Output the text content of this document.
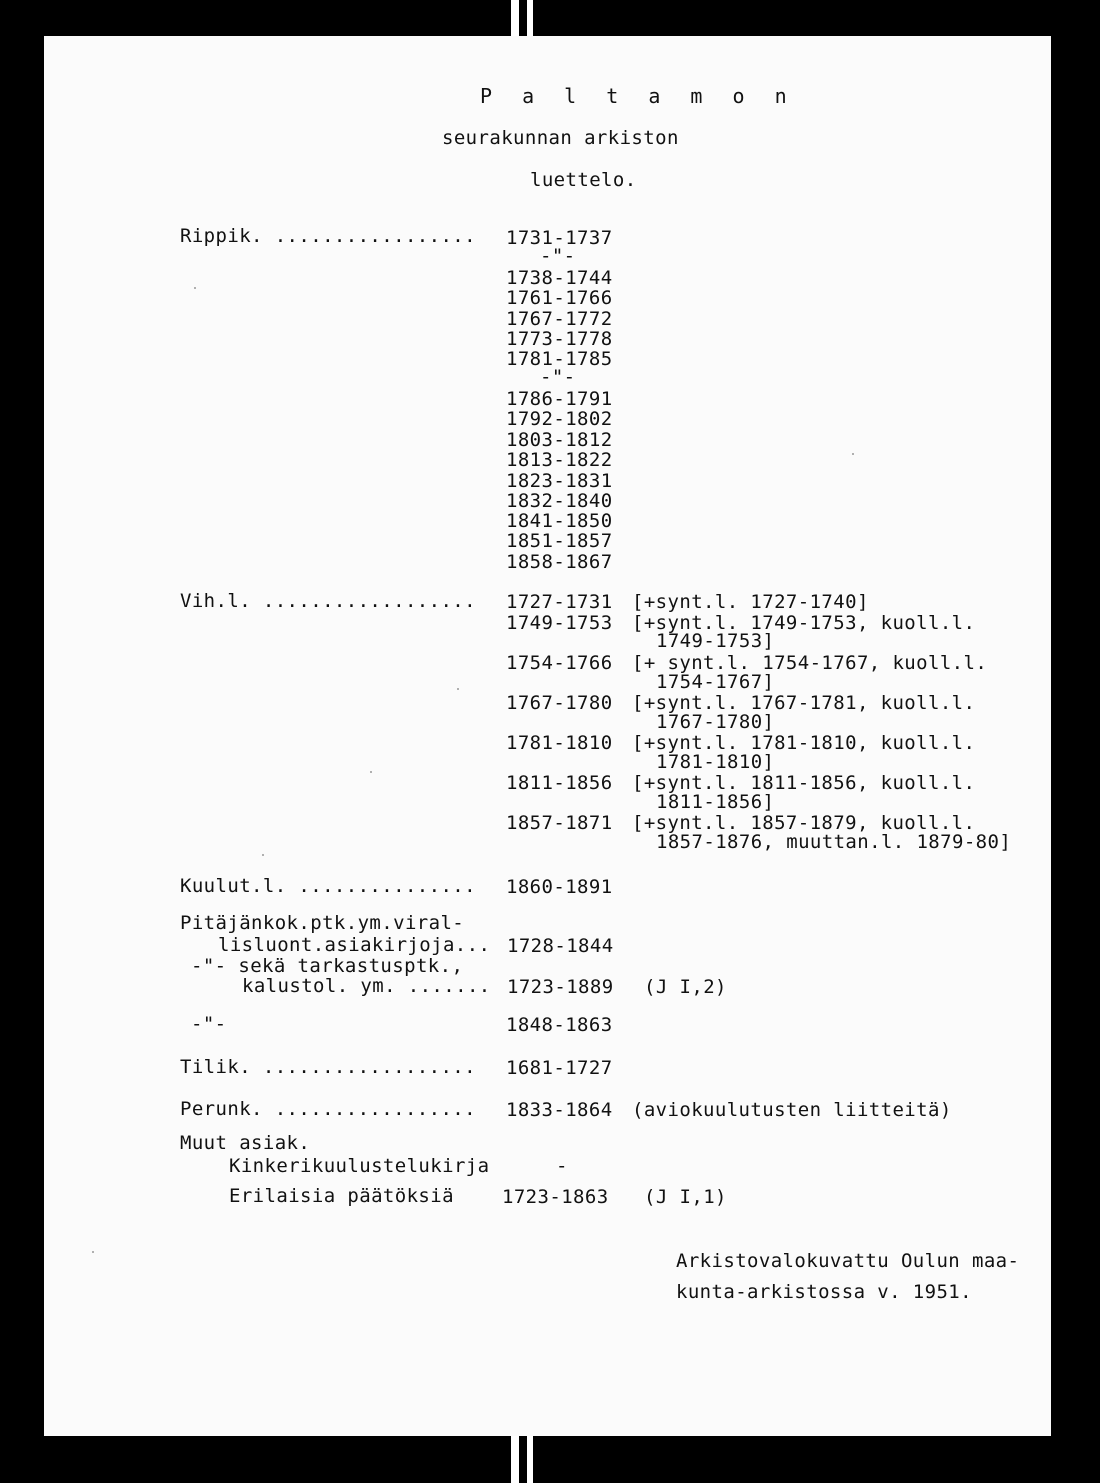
P a l t a m o n
seurakunnan arkiston
luettelo.
Rippik. ................. 1731-1737
-"-
1738-1744
1761-1766
1767-1772
1773-1778
1781-1785
-"-
1786-1791
1792-1802
1803-1812
1813-1822
1823-1831
1832-1840
1841-1850
1851-1857
1858-1867
Vih.l. .................. 1727-1731 [+synt.l. 1727-1740]
1749-1753 [+synt.l. 1749-1753, kuoll.l.
1749-1753]
1754-1766 [+ synt.l. 1754-1767, kuoll.l.
1754-1767]
1767-1780 [+synt.l. 1767-1781, kuoll.l.
1767-1780]
1781-1810 [+synt.l. 1781-1810, kuoll.l.
1781-1810]
1811-1856 [+synt.l. 1811-1856, kuoll.l.
1811-1856]
1857-1871 [+synt.l. 1857-1879, kuoll.l.
1857-1876, muuttan.l. 1879-80]
Kuulut.l. ............... 1860-1891
Pitäjänkok.ptk.ym.viral-
lisluont.asiakirjoja... 1728-1844
-"- sekä tarkastusptk.,
kalustol. ym. ....... 1723-1889 (J I,2)
-"-	1848-1863
Tilik. .................. 1681-1727
Perunk. ................. 1833-1864 (aviokuulutusten liitteitä)
Muut asiak.
Kinkerikuulustelukirja	-
Erilaisia päätöksiä	1723-1863 (J I,1)
Arkistovalokuvattu Oulun maa-
kunta-arkistossa v. 1951.
